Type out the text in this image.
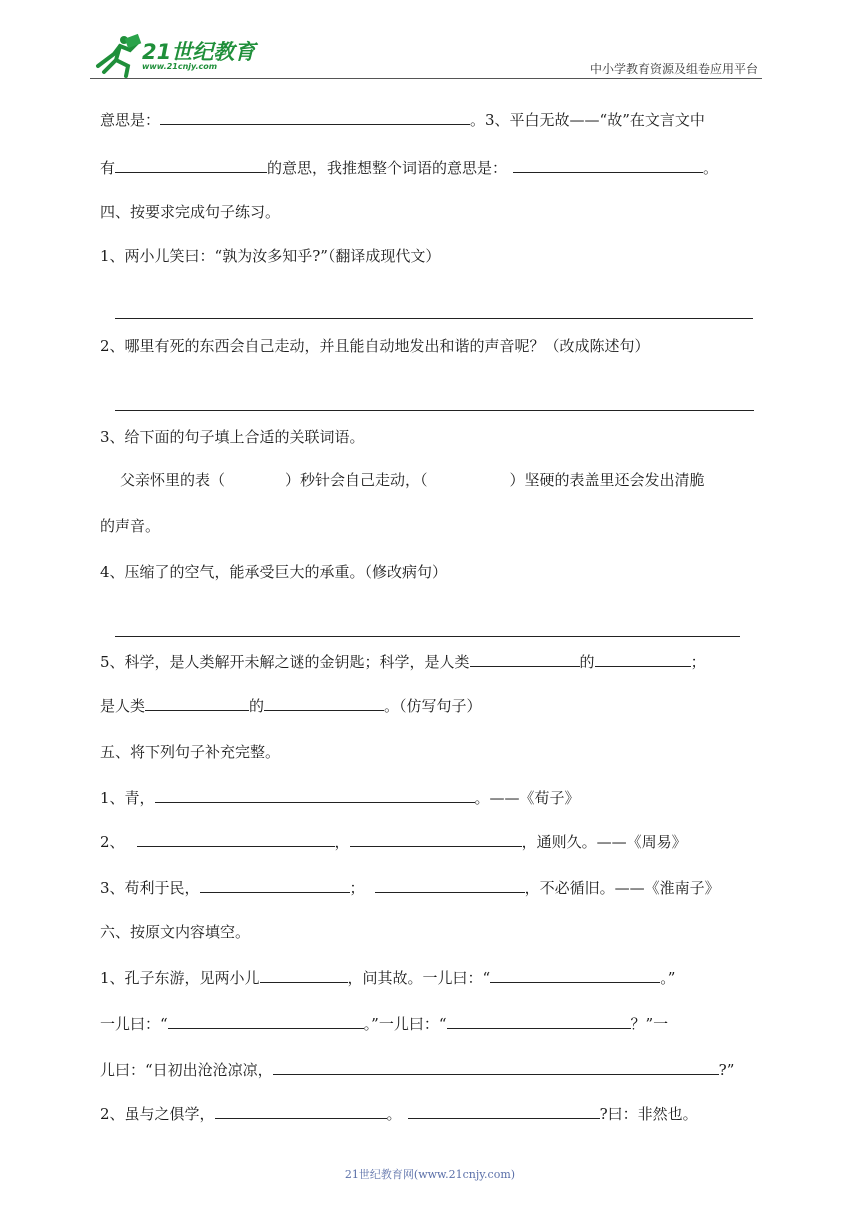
21世纪教育
www.21cnjy.com	中小学教育资源及组卷应用平台
意思是：	。3、平白无故——“故”在文言文中
有	的意思，我推想整个词语的意思是：	。
四、按要求完成句子练习。
1、两小儿笑曰：“孰为汝多知乎?”（翻译成现代文）
2、哪里有死的东西会自己走动，并且能自动地发出和谐的声音呢？（改成陈述句）
3、给下面的句子填上合适的关联词语。
父亲怀里的表（	）秒针会自己走动，（	）坚硬的表盖里还会发出清脆
的声音。
4、压缩了的空气，能承受巨大的承重。（修改病句）
5、科学，是人类解开未解之谜的金钥匙；科学，是人类	的	；
是人类	的	。（仿写句子）
五、将下列句子补充完整。
1、青，	。——《荀子》
2、	，	，通则久。——《周易》
3、苟利于民，	；	，不必循旧。——《淮南子》
六、按原文内容填空。
1、孔子东游，见两小儿	，问其故。一儿曰：“	。”
一儿曰：“	。”一儿曰：“	？”一
儿曰：“日初出沧沧凉凉，	?”
2、虽与之俱学，	。	?曰：非然也。
21世纪教育网(www.21cnjy.com)
